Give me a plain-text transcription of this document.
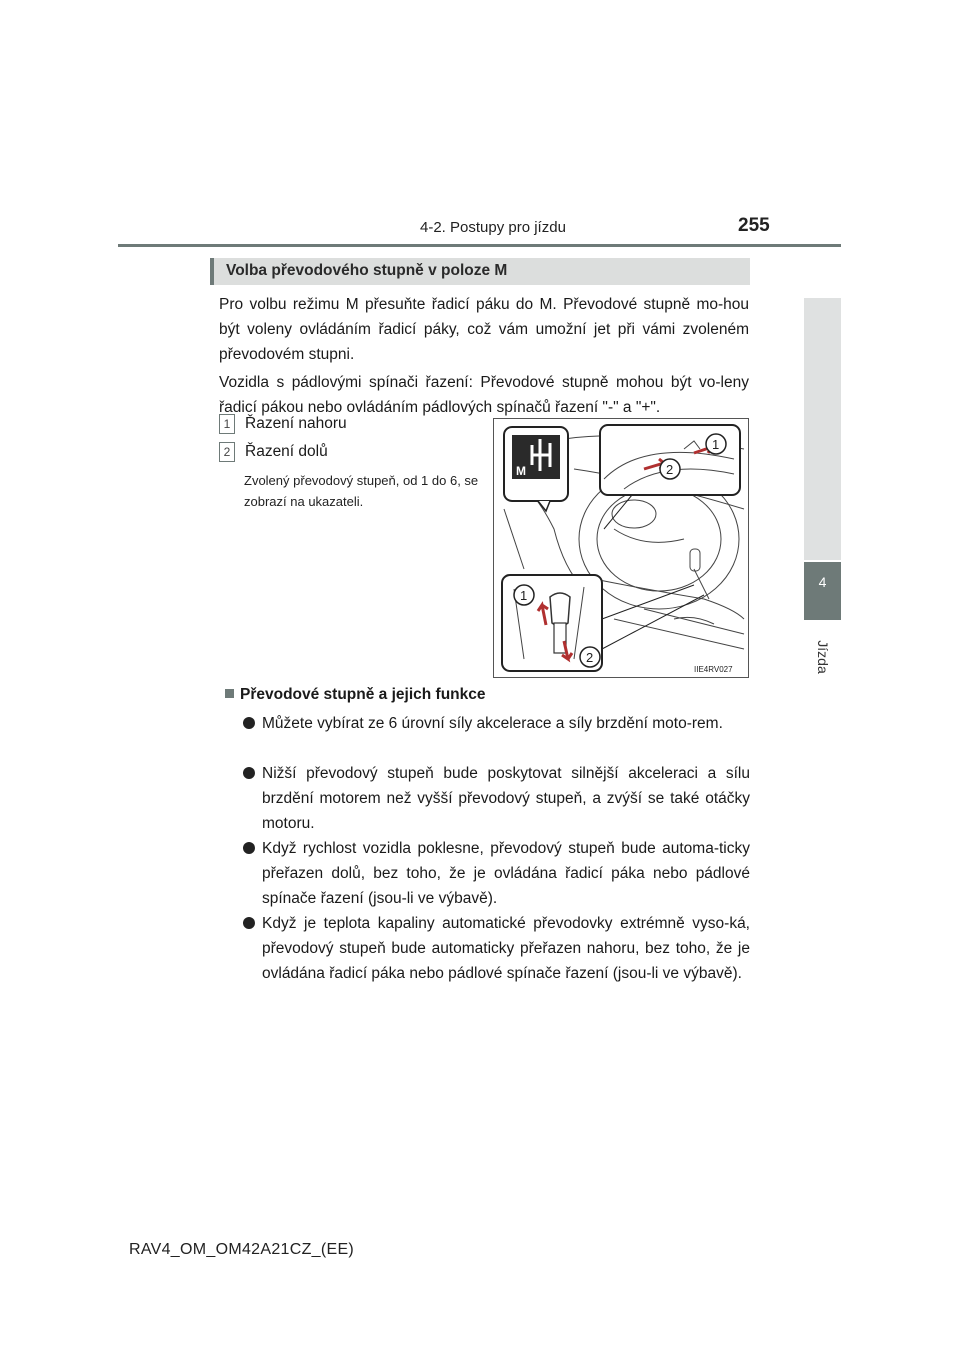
4-2. Postupy pro jízdu	255
4
Jízda
Volba převodového stupně v poloze M
Pro volbu režimu M přesuňte řadicí páku do M. Převodové stupně mo-hou být voleny ovládáním řadicí páky, což vám umožní jet při vámi zvoleném převodovém stupni.
Vozidla s pádlovými spínači řazení: Převodové stupně mohou být vo-leny řadicí pákou nebo ovládáním pádlových spínačů řazení "-" a "+".
1 Řazení nahoru
2 Řazení dolů
Zvolený převodový stupeň, od 1 do 6, se zobrazí na ukazateli.
M
1
2
1
2
IIE4RV027
Převodové stupně a jejich funkce
Můžete vybírat ze 6 úrovní síly akcelerace a síly brzdění moto-rem.
Nižší převodový stupeň bude poskytovat silnější akceleraci a sílu brzdění motorem než vyšší převodový stupeň, a zvýší se také otáčky motoru.
Když rychlost vozidla poklesne, převodový stupeň bude automa-ticky přeřazen dolů, bez toho, že je ovládána řadicí páka nebo pádlové spínače řazení (jsou-li ve výbavě).
Když je teplota kapaliny automatické převodovky extrémně vyso-ká, převodový stupeň bude automaticky přeřazen nahoru, bez toho, že je ovládána řadicí páka nebo pádlové spínače řazení (jsou-li ve výbavě).
RAV4_OM_OM42A21CZ_(EE)
